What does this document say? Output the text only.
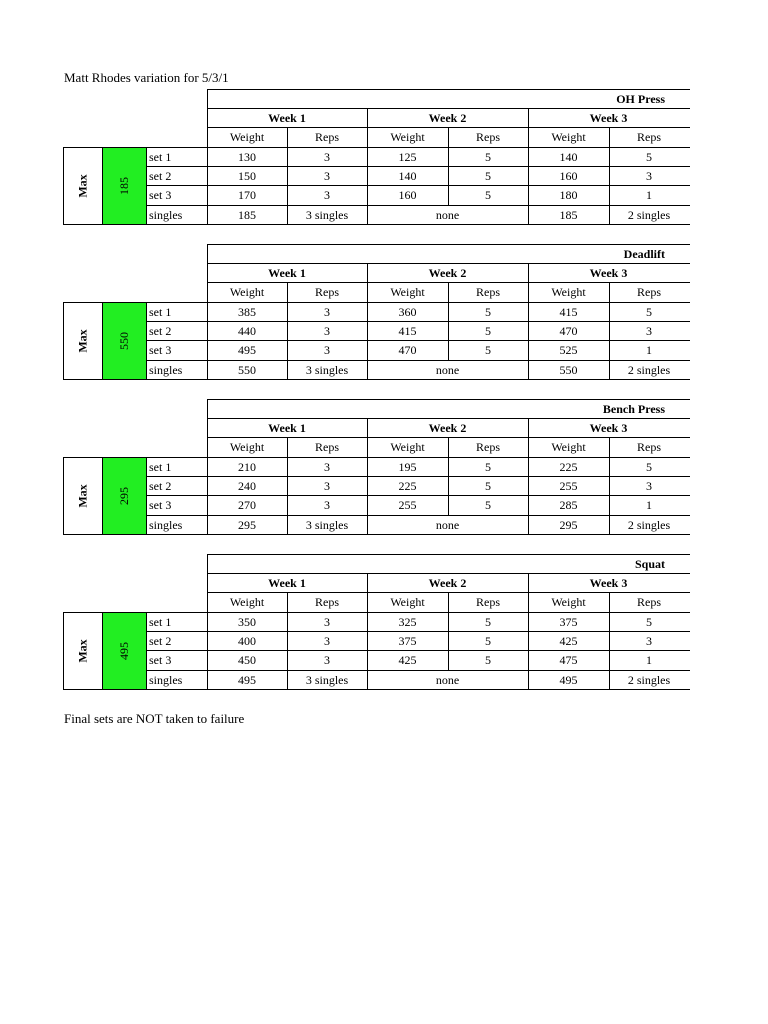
Matt Rhodes variation for 5/3/1
OH Press
Week 1
Weight	Reps
Week 2
Weight	Reps
Week 3
Weight	Reps
set 1	130	3	125	5	140	5
set 2	150	3	140	5	160	3
set 3	170	3	160	5	180	1
singles	185	3 singles	none	185	2 singles
Max 185
Deadlift
Week 1
Weight	Reps
Week 2
Weight	Reps
Week 3
Weight	Reps
set 1	385	3	360	5	415	5
set 2	440	3	415	5	470	3
set 3	495	3	470	5	525	1
singles	550	3 singles	none	550	2 singles
Max 550
Bench Press
Week 1
Weight	Reps
Week 2
Weight	Reps
Week 3
Weight	Reps
set 1	210	3	195	5	225	5
set 2	240	3	225	5	255	3
set 3	270	3	255	5	285	1
singles	295	3 singles	none	295	2 singles
Max 295
Squat
Week 1
Weight	Reps
Week 2
Weight	Reps
Week 3
Weight	Reps
set 1	350	3	325	5	375	5
set 2	400	3	375	5	425	3
set 3	450	3	425	5	475	1
singles	495	3 singles	none	495	2 singles
Max 495
Final sets are NOT taken to failure
